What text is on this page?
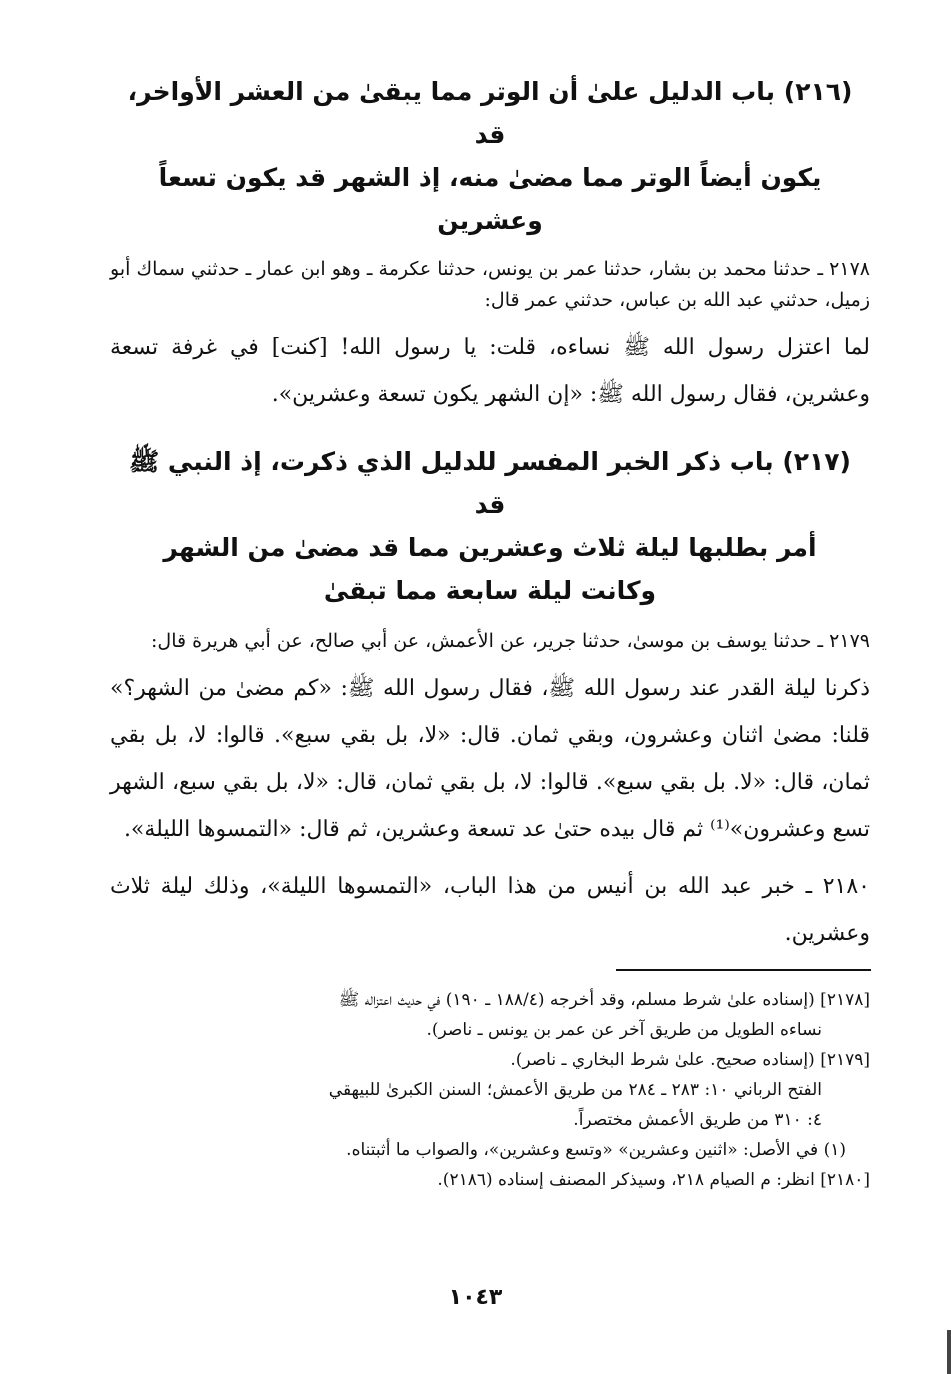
(٢١٦) باب الدليل علىٰ أن الوتر مما يبقىٰ من العشر الأواخر، قد
يكون أيضاً الوتر مما مضىٰ منه، إذ الشهر قد يكون تسعاً وعشرين

٢١٧٨ ـ حدثنا محمد بن بشار، حدثنا عمر بن يونس، حدثنا عكرمة ـ وهو ابن عمار ـ حدثني سماك أبو زميل، حدثني عبد الله بن عباس، حدثني عمر قال:

لما اعتزل رسول الله ﷺ نساءه، قلت: يا رسول الله! [كنت] في غرفة تسعة وعشرين، فقال رسول الله ﷺ: «إن الشهر يكون تسعة وعشرين».

(٢١٧) باب ذكر الخبر المفسر للدليل الذي ذكرت، إذ النبي ﷺ قد
أمر بطلبها ليلة ثلاث وعشرين مما قد مضىٰ من الشهر
وكانت ليلة سابعة مما تبقىٰ

٢١٧٩ ـ حدثنا يوسف بن موسىٰ، حدثنا جرير، عن الأعمش، عن أبي صالح، عن أبي هريرة قال:

ذكرنا ليلة القدر عند رسول الله ﷺ، فقال رسول الله ﷺ: «كم مضىٰ من الشهر؟» قلنا: مضىٰ اثنان وعشرون، وبقي ثمان. قال: «لا، بل بقي سبع». قالوا: لا، بل بقي ثمان، قال: «لا. بل بقي سبع». قالوا: لا، بل بقي ثمان، قال: «لا، بل بقي سبع، الشهر تسع وعشرون»⁽¹⁾ ثم قال بيده حتىٰ عد تسعة وعشرين، ثم قال: «التمسوها الليلة».

٢١٨٠ ـ خبر عبد الله بن أنيس من هذا الباب، «التمسوها الليلة»، وذلك ليلة ثلاث وعشرين.

[٢١٧٨] (إسناده علىٰ شرط مسلم، وقد أخرجه (١٨٨/٤ ـ ١٩٠) في حديث اعتزاله ﷺ

نساءه الطويل من طريق آخر عن عمر بن يونس ـ ناصر).

[٢١٧٩] (إسناده صحيح. علىٰ شرط البخاري ـ ناصر).

الفتح الرباني ١٠: ٢٨٣ ـ ٢٨٤ من طريق الأعمش؛ السنن الكبرىٰ للبيهقي

٤: ٣١٠ من طريق الأعمش مختصراً.

(١) في الأصل: «اثنين وعشرين» «وتسع وعشرين»، والصواب ما أثبتناه.

[٢١٨٠] انظر: م الصيام ٢١٨، وسيذكر المصنف إسناده (٢١٨٦).

١٠٤٣
